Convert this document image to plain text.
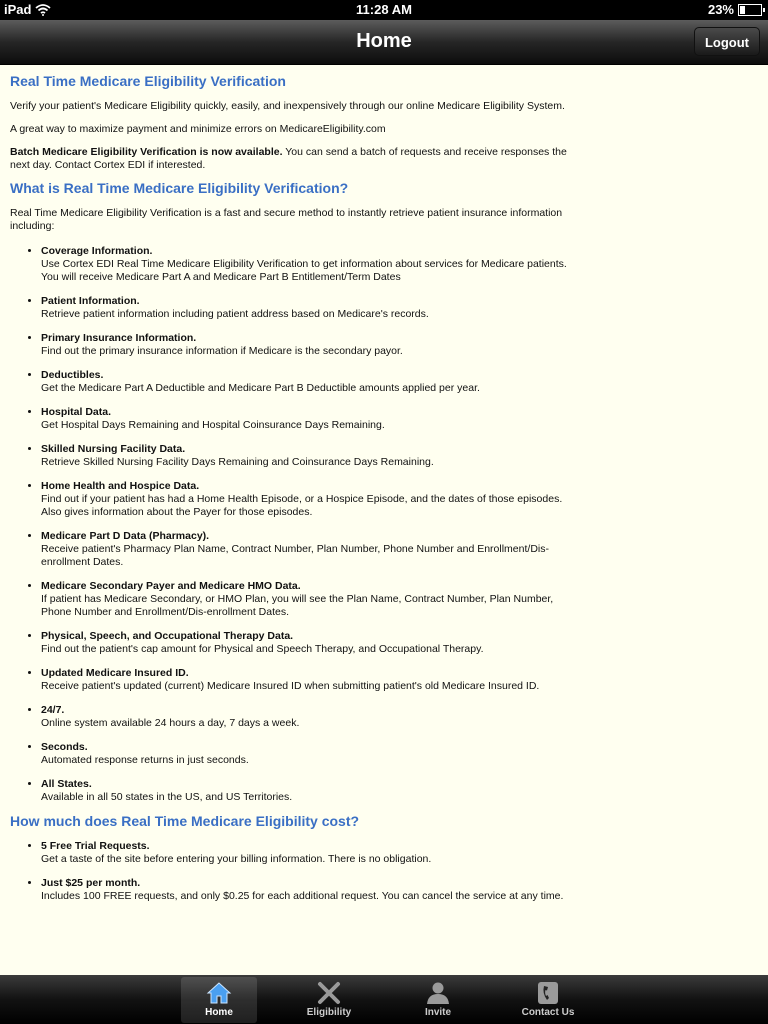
iPad	11:28 AM	23%
Home	Logout
Real Time Medicare Eligibility Verification

Verify your patient's Medicare Eligibility quickly, easily, and inexpensively through our online Medicare Eligibility System.

A great way to maximize payment and minimize errors on MedicareEligibility.com

Batch Medicare Eligibility Verification is now available. You can send a batch of requests and receive responses the next day. Contact Cortex EDI if interested.

What is Real Time Medicare Eligibility Verification?

Real Time Medicare Eligibility Verification is a fast and secure method to instantly retrieve patient insurance information including:

• Coverage Information.
Use Cortex EDI Real Time Medicare Eligibility Verification to get information about services for Medicare patients. You will receive Medicare Part A and Medicare Part B Entitlement/Term Dates
• Patient Information.
Retrieve patient information including patient address based on Medicare's records.
• Primary Insurance Information.
Find out the primary insurance information if Medicare is the secondary payor.
• Deductibles.
Get the Medicare Part A Deductible and Medicare Part B Deductible amounts applied per year.
• Hospital Data.
Get Hospital Days Remaining and Hospital Coinsurance Days Remaining.
• Skilled Nursing Facility Data.
Retrieve Skilled Nursing Facility Days Remaining and Coinsurance Days Remaining.
• Home Health and Hospice Data.
Find out if your patient has had a Home Health Episode, or a Hospice Episode, and the dates of those episodes. Also gives information about the Payer for those episodes.
• Medicare Part D Data (Pharmacy).
Receive patient's Pharmacy Plan Name, Contract Number, Plan Number, Phone Number and Enrollment/Dis-enrollment Dates.
• Medicare Secondary Payer and Medicare HMO Data.
If patient has Medicare Secondary, or HMO Plan, you will see the Plan Name, Contract Number, Plan Number, Phone Number and Enrollment/Dis-enrollment Dates.
• Physical, Speech, and Occupational Therapy Data.
Find out the patient's cap amount for Physical and Speech Therapy, and Occupational Therapy.
• Updated Medicare Insured ID.
Receive patient's updated (current) Medicare Insured ID when submitting patient's old Medicare Insured ID.
• 24/7.
Online system available 24 hours a day, 7 days a week.
• Seconds.
Automated response returns in just seconds.
• All States.
Available in all 50 states in the US, and US Territories.
How much does Real Time Medicare Eligibility cost?
• 5 Free Trial Requests.
Get a taste of the site before entering your billing information. There is no obligation.
• Just $25 per month.
Includes 100 FREE requests, and only $0.25 for each additional request. You can cancel the service at any time.
Home	Eligibility	Invite	Contact Us
